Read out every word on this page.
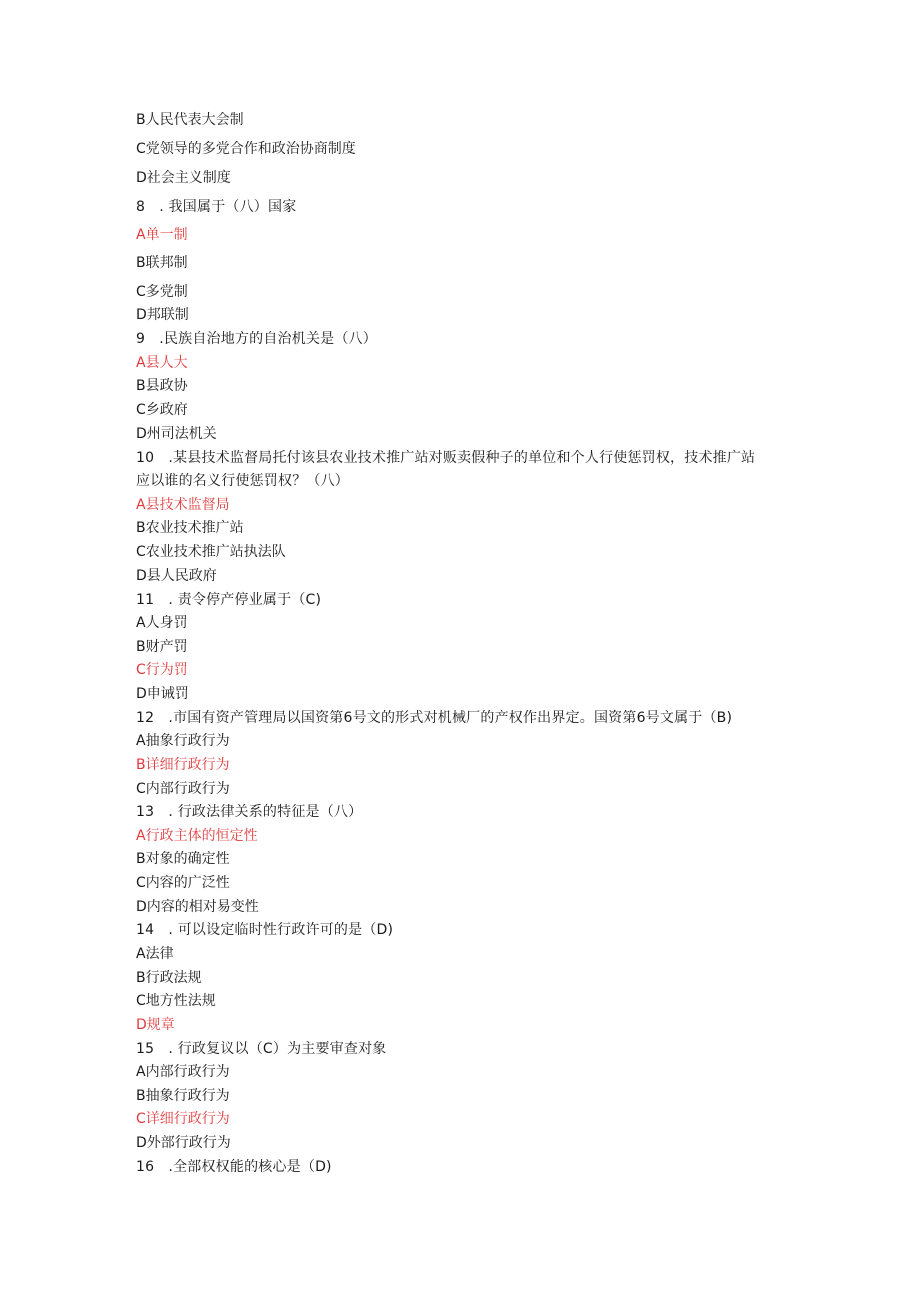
B人民代表大会制
C党领导的多党合作和政治协商制度
D社会主义制度
8　. 我国属于（八）国家
A单一制
B联邦制
C多党制
D邦联制
9　.民族自治地方的自治机关是（八）
A县人大
B县政协
C乡政府
D州司法机关
10　.某县技术监督局托付该县农业技术推广站对贩卖假种子的单位和个人行使惩罚权，技术推广站
应以谁的名义行使惩罚权？（八）
A县技术监督局
B农业技术推广站
C农业技术推广站执法队
D县人民政府
11　. 责令停产停业属于（C)
A人身罚
B财产罚
C行为罚
D申诫罚
12　.市国有资产管理局以国资第6号文的形式对机械厂的产权作出界定。国资第6号文属于（B)
A抽象行政行为
B详细行政行为
C内部行政行为
13　. 行政法律关系的特征是（八）
A行政主体的恒定性
B对象的确定性
C内容的广泛性
D内容的相对易变性
14　. 可以设定临时性行政许可的是（D)
A法律
B行政法规
C地方性法规
D规章
15　. 行政复议以（C）为主要审查对象
A内部行政行为
B抽象行政行为
C详细行政行为
D外部行政行为
16　.全部权权能的核心是（D)
